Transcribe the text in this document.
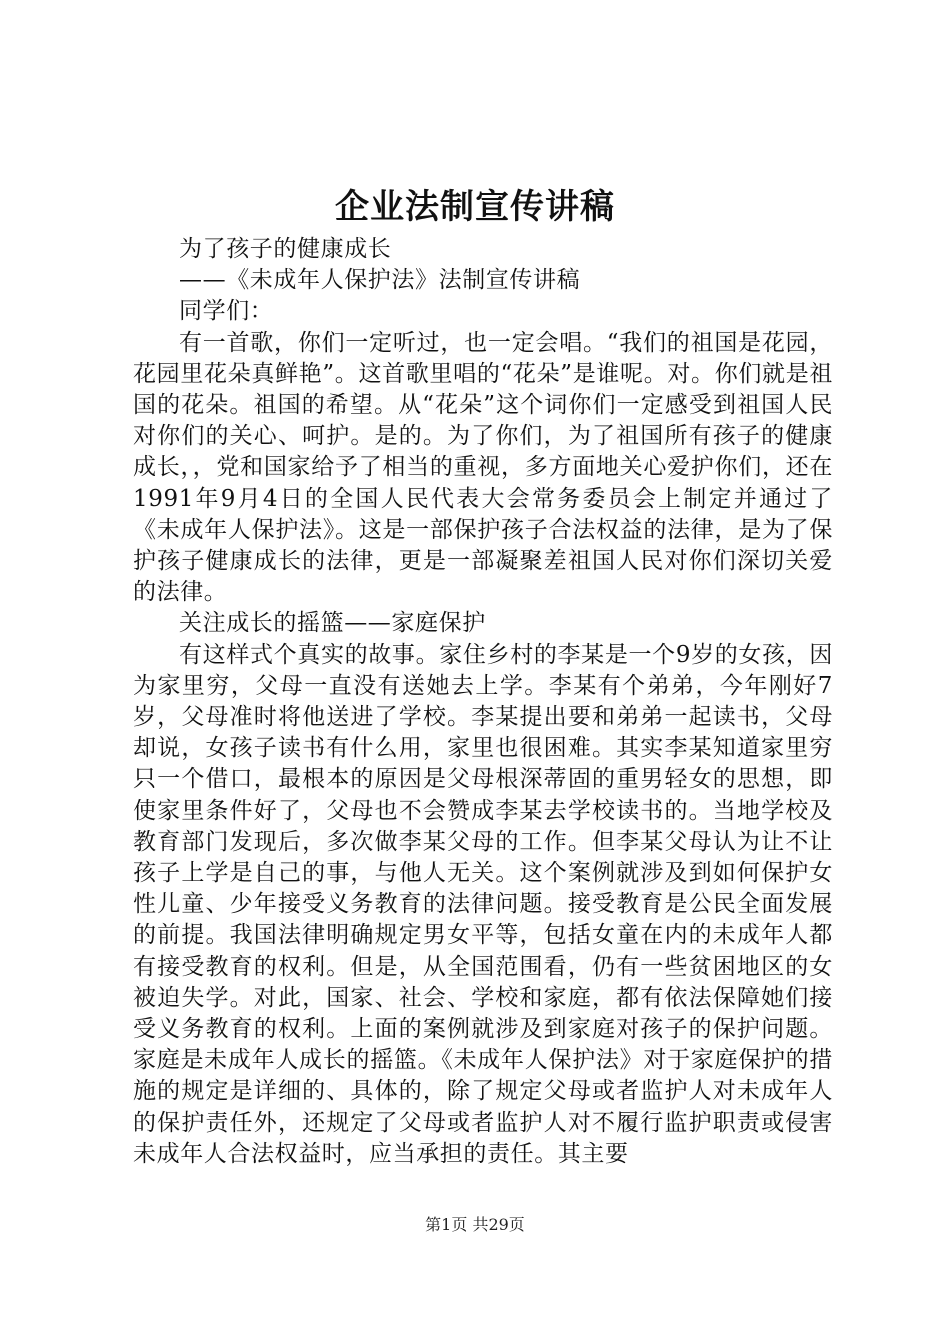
企业法制宣传讲稿

为了孩子的健康成长

——《未成年人保护法》法制宣传讲稿

同学们：

有一首歌，你们一定听过，也一定会唱。“我们的祖国是花园，花园里花朵真鲜艳”。这首歌里唱的“花朵”是谁呢。对。你们就是祖国的花朵。祖国的希望。从“花朵”这个词你们一定感受到祖国人民对你们的关心、呵护。是的。为了你们，为了祖国所有孩子的健康成长，，党和国家给予了相当的重视，多方面地关心爱护你们，还在1991年9月4日的全国人民代表大会常务委员会上制定并通过了《未成年人保护法》。这是一部保护孩子合法权益的法律，是为了保护孩子健康成长的法律，更是一部凝聚差祖国人民对你们深切关爱的法律。

关注成长的摇篮——家庭保护

有这样式个真实的故事。家住乡村的李某是一个9岁的女孩，因为家里穷，父母一直没有送她去上学。李某有个弟弟，今年刚好7岁，父母准时将他送进了学校。李某提出要和弟弟一起读书，父母却说，女孩子读书有什么用，家里也很困难。其实李某知道家里穷只一个借口，最根本的原因是父母根深蒂固的重男轻女的思想，即使家里条件好了，父母也不会赞成李某去学校读书的。当地学校及教育部门发现后，多次做李某父母的工作。但李某父母认为让不让孩子上学是自己的事，与他人无关。这个案例就涉及到如何保护女性儿童、少年接受义务教育的法律问题。接受教育是公民全面发展的前提。我国法律明确规定男女平等，包括女童在内的未成年人都有接受教育的权利。但是，从全国范围看，仍有一些贫困地区的女被迫失学。对此，国家、社会、学校和家庭，都有依法保障她们接受义务教育的权利。上面的案例就涉及到家庭对孩子的保护问题。家庭是未成年人成长的摇篮。《未成年人保护法》对于家庭保护的措施的规定是详细的、具体的，除了规定父母或者监护人对未成年人的保护责任外，还规定了父母或者监护人对不履行监护职责或侵害未成年人合法权益时，应当承担的责任。其主要

第1页 共29页
